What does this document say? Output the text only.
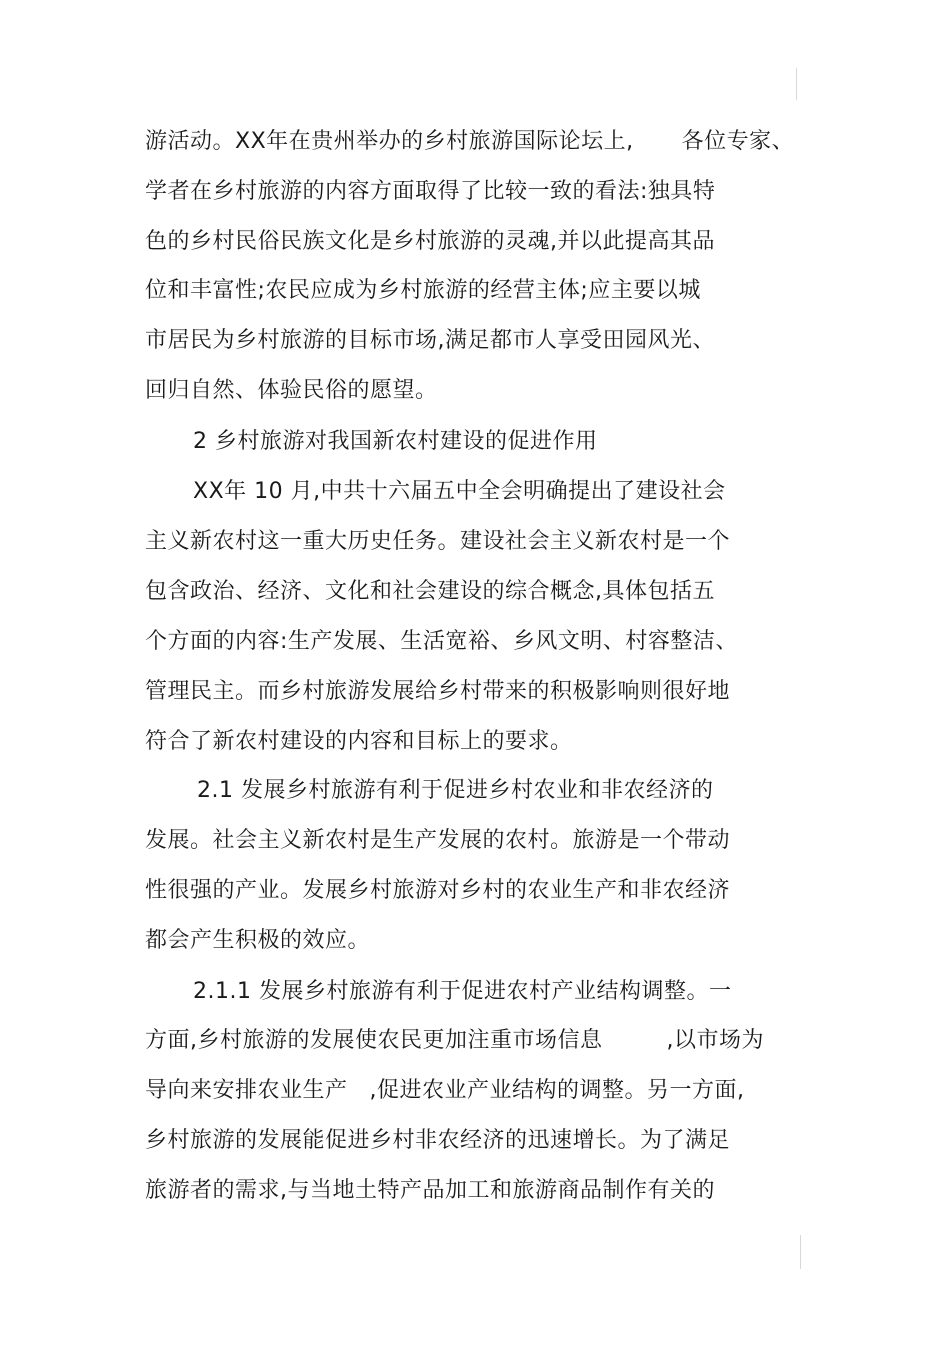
游活动。XX年在贵州举办的乡村旅游国际论坛上, 各位专家、
学者在乡村旅游的内容方面取得了比较一致的看法:独具特
色的乡村民俗民族文化是乡村旅游的灵魂,并以此提高其品
位和丰富性;农民应成为乡村旅游的经营主体;应主要以城
市居民为乡村旅游的目标市场,满足都市人享受田园风光、
回归自然、体验民俗的愿望。
2 乡村旅游对我国新农村建设的促进作用
XX年 10 月,中共十六届五中全会明确提出了建设社会
主义新农村这一重大历史任务。建设社会主义新农村是一个
包含政治、经济、文化和社会建设的综合概念,具体包括五
个方面的内容:生产发展、生活宽裕、乡风文明、村容整洁、
管理民主。而乡村旅游发展给乡村带来的积极影响则很好地
符合了新农村建设的内容和目标上的要求。
2.1 发展乡村旅游有利于促进乡村农业和非农经济的
发展。社会主义新农村是生产发展的农村。旅游是一个带动
性很强的产业。发展乡村旅游对乡村的农业生产和非农经济
都会产生积极的效应。
2.1.1 发展乡村旅游有利于促进农村产业结构调整。一
方面,乡村旅游的发展使农民更加注重市场信息	,以市场为
导向来安排农业生产 ,促进农业产业结构的调整。另一方面,
乡村旅游的发展能促进乡村非农经济的迅速增长。为了满足
旅游者的需求,与当地土特产品加工和旅游商品制作有关的
